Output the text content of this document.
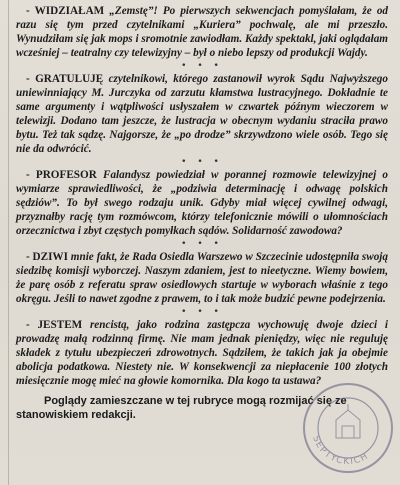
- WIDZIAŁAM „Zemstę”! Po pierwszych sekwencjach pomyślałam, że od razu się tym przed czytelnikami „Kuriera” pochwalę, ale mi przeszło. Wynudziłam się jak mops i sromotnie zawiodłam. Każdy spektakl, jaki oglądałam wcześniej – teatralny czy telewizyjny – był o niebo lepszy od produkcji Wajdy.

• • •

- GRATULUJĘ czytelnikowi, którego zastanowił wyrok Sądu Najwyższego uniewinniający M. Jurczyka od zarzutu kłamstwa lustracyjnego. Dokładnie te same argumenty i wątpliwości usłyszałem w czwartek późnym wieczorem w telewizji. Dodano tam jeszcze, że lustracja w obecnym wydaniu straciła prawo bytu. Też tak sądzę. Najgorsze, że „po drodze” skrzywdzono wiele osób. Tego się nie da odwrócić.

• • •

- PROFESOR Falandysz powiedział w porannej rozmowie telewizyjnej o wymiarze sprawiedliwości, że „podziwia determinację i odwagę polskich sędziów”. To był swego rodzaju unik. Gdyby miał więcej cywilnej odwagi, przyznałby rację tym rozmówcom, którzy telefonicznie mówili o ułomnościach orzecznictwa i zbyt częstych pomyłkach sądów. Solidarność zawodowa?

• • •

- DZIWI mnie fakt, że Rada Osiedla Warszewo w Szczecinie udostępniła swoją siedzibę komisji wyborczej. Naszym zdaniem, jest to nieetyczne. Wiemy bowiem, że parę osób z referatu spraw osiedlowych startuje w wyborach właśnie z tego okręgu. Jeśli to nawet zgodne z prawem, to i tak może budzić pewne podejrzenia.

• • •

- JESTEM rencistą, jako rodzina zastępcza wychowuję dwoje dzieci i prowadzę małą rodzinną firmę. Nie mam jednak pieniędzy, więc nie reguluję składek z tytułu ubezpieczeń zdrowotnych. Sądziłem, że takich jak ja obejmie abolicja podatkowa. Niestety nie. W konsekwencji za niepłacenie 100 złotych miesięcznie mogę mieć na głowie komornika. Dla kogo ta ustawa?

Poglądy zamieszczane w tej rubryce mogą rozmijać się ze stanowiskiem redakcji.

SEPTYCKICH
